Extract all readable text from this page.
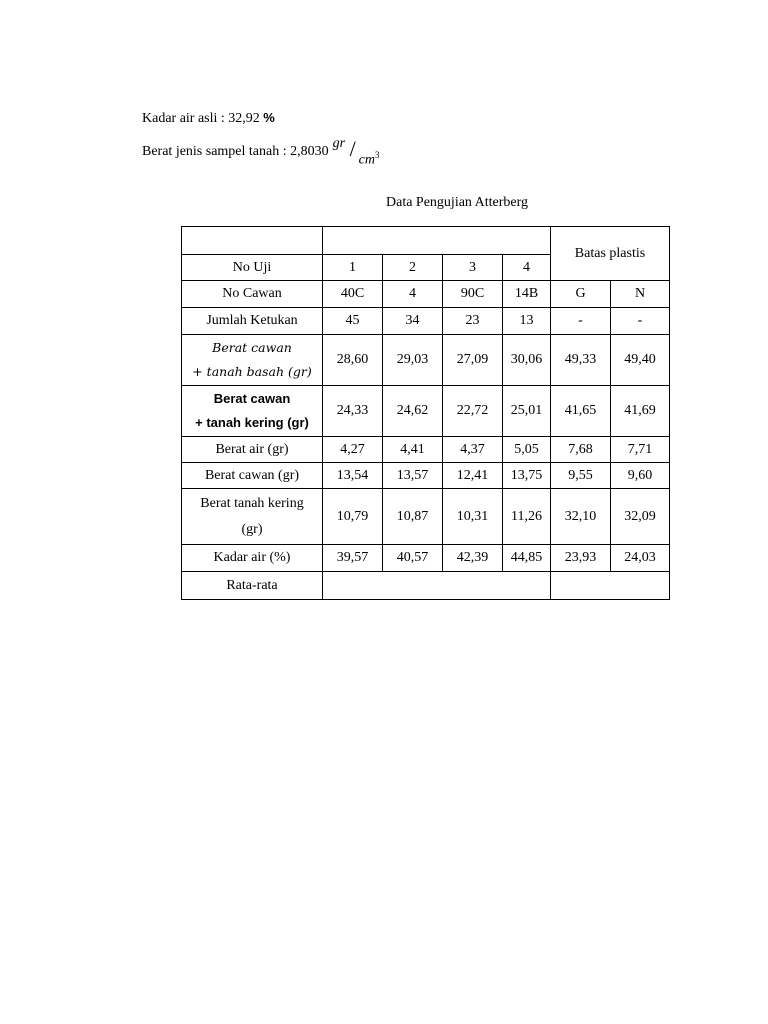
Kadar air asli : 32,92 %
Berat jenis sampel tanah : 2,8030
gr / $cm^3$
Data Pengujian Atterberg
					Batas plastis	
No Uji	1	2	3	4		
No Cawan	40C	4	90C	14B	G	N
Jumlah Ketukan	45	34	23	13	-	-

Berat cawan
+ tanah basah (gr)	28,60	29,03	27,09	30,06	49,33	49,40

Berat cawan
+ tanah kering (gr)	24,33	24,62	22,72	25,01	41,65	41,69
Berat air (gr)	4,27	4,41	4,37	5,05	7,68	7,71
Berat cawan (gr)	13,54	13,57	12,41	13,75	9,55	9,60

Berat tanah kering
(gr)	10,79	10,87	10,31	11,26	32,10	32,09
Kadar air (%)	39,57	40,57	42,39	44,85	23,93	24,03
Rata-rata						
